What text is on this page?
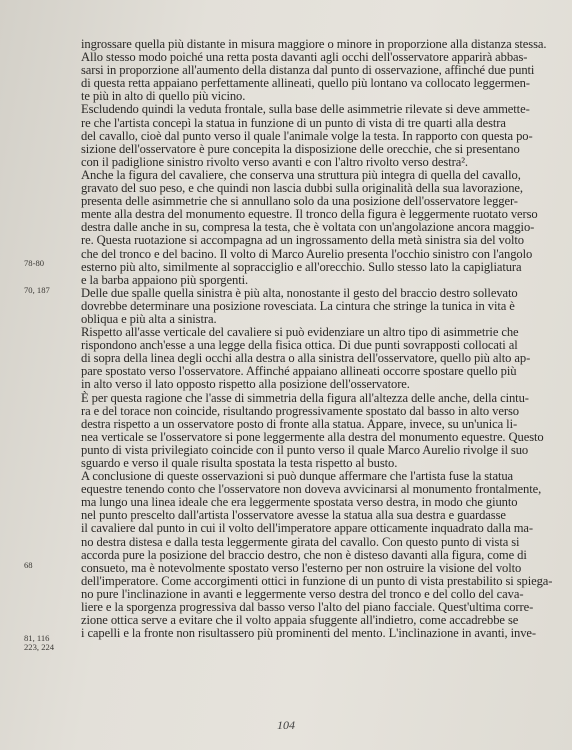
ingrossare quella più distante in misura maggiore o minore in proporzione alla distanza stessa.
Allo stesso modo poiché una retta posta davanti agli occhi dell'osservatore apparirà abbas-
sarsi in proporzione all'aumento della distanza dal punto di osservazione, affinché due punti
di questa retta appaiano perfettamente allineati, quello più lontano va collocato leggermen-
te più in alto di quello più vicino.
Escludendo quindi la veduta frontale, sulla base delle asimmetrie rilevate si deve ammette-
re che l'artista concepì la statua in funzione di un punto di vista di tre quarti alla destra
del cavallo, cioè dal punto verso il quale l'animale volge la testa. In rapporto con questa po-
sizione dell'osservatore è pure concepita la disposizione delle orecchie, che si presentano
con il padiglione sinistro rivolto verso avanti e con l'altro rivolto verso destra².
Anche la figura del cavaliere, che conserva una struttura più integra di quella del cavallo,
gravato del suo peso, e che quindi non lascia dubbi sulla originalità della sua lavorazione,
presenta delle asimmetrie che si annullano solo da una posizione dell'osservatore legger-
mente alla destra del monumento equestre. Il tronco della figura è leggermente ruotato verso
destra dalle anche in su, compresa la testa, che è voltata con un'angolazione ancora maggio-
re. Questa ruotazione si accompagna ad un ingrossamento della metà sinistra sia del volto
che del tronco e del bacino. Il volto di Marco Aurelio presenta l'occhio sinistro con l'angolo
esterno più alto, similmente al sopracciglio e all'orecchio. Sullo stesso lato la capigliatura
e la barba appaiono più sporgenti.
Delle due spalle quella sinistra è più alta, nonostante il gesto del braccio destro sollevato
dovrebbe determinare una posizione rovesciata. La cintura che stringe la tunica in vita è
obliqua e più alta a sinistra.
Rispetto all'asse verticale del cavaliere si può evidenziare un altro tipo di asimmetrie che
rispondono anch'esse a una legge della fisica ottica. Di due punti sovrapposti collocati al
di sopra della linea degli occhi alla destra o alla sinistra dell'osservatore, quello più alto ap-
pare spostato verso l'osservatore. Affinché appaiano allineati occorre spostare quello più
in alto verso il lato opposto rispetto alla posizione dell'osservatore.
È per questa ragione che l'asse di simmetria della figura all'altezza delle anche, della cintu-
ra e del torace non coincide, risultando progressivamente spostato dal basso in alto verso
destra rispetto a un osservatore posto di fronte alla statua. Appare, invece, su un'unica li-
nea verticale se l'osservatore si pone leggermente alla destra del monumento equestre. Questo
punto di vista privilegiato coincide con il punto verso il quale Marco Aurelio rivolge il suo
sguardo e verso il quale risulta spostata la testa rispetto al busto.
A conclusione di queste osservazioni si può dunque affermare che l'artista fuse la statua
equestre tenendo conto che l'osservatore non doveva avvicinarsi al monumento frontalmente,
ma lungo una linea ideale che era leggermente spostata verso destra, in modo che giunto
nel punto prescelto dall'artista l'osservatore avesse la statua alla sua destra e guardasse
il cavaliere dal punto in cui il volto dell'imperatore appare otticamente inquadrato dalla ma-
no destra distesa e dalla testa leggermente girata del cavallo. Con questo punto di vista si
accorda pure la posizione del braccio destro, che non è disteso davanti alla figura, come di
consueto, ma è notevolmente spostato verso l'esterno per non ostruire la visione del volto
dell'imperatore. Come accorgimenti ottici in funzione di un punto di vista prestabilito si spiega-
no pure l'inclinazione in avanti e leggermente verso destra del tronco e del collo del cava-
liere e la sporgenza progressiva dal basso verso l'alto del piano facciale. Quest'ultima corre-
zione ottica serve a evitare che il volto appaia sfuggente all'indietro, come accadrebbe se
i capelli e la fronte non risultassero più prominenti del mento. L'inclinazione in avanti, inve-
78-80
70, 187
68
81, 116
223, 224
104
